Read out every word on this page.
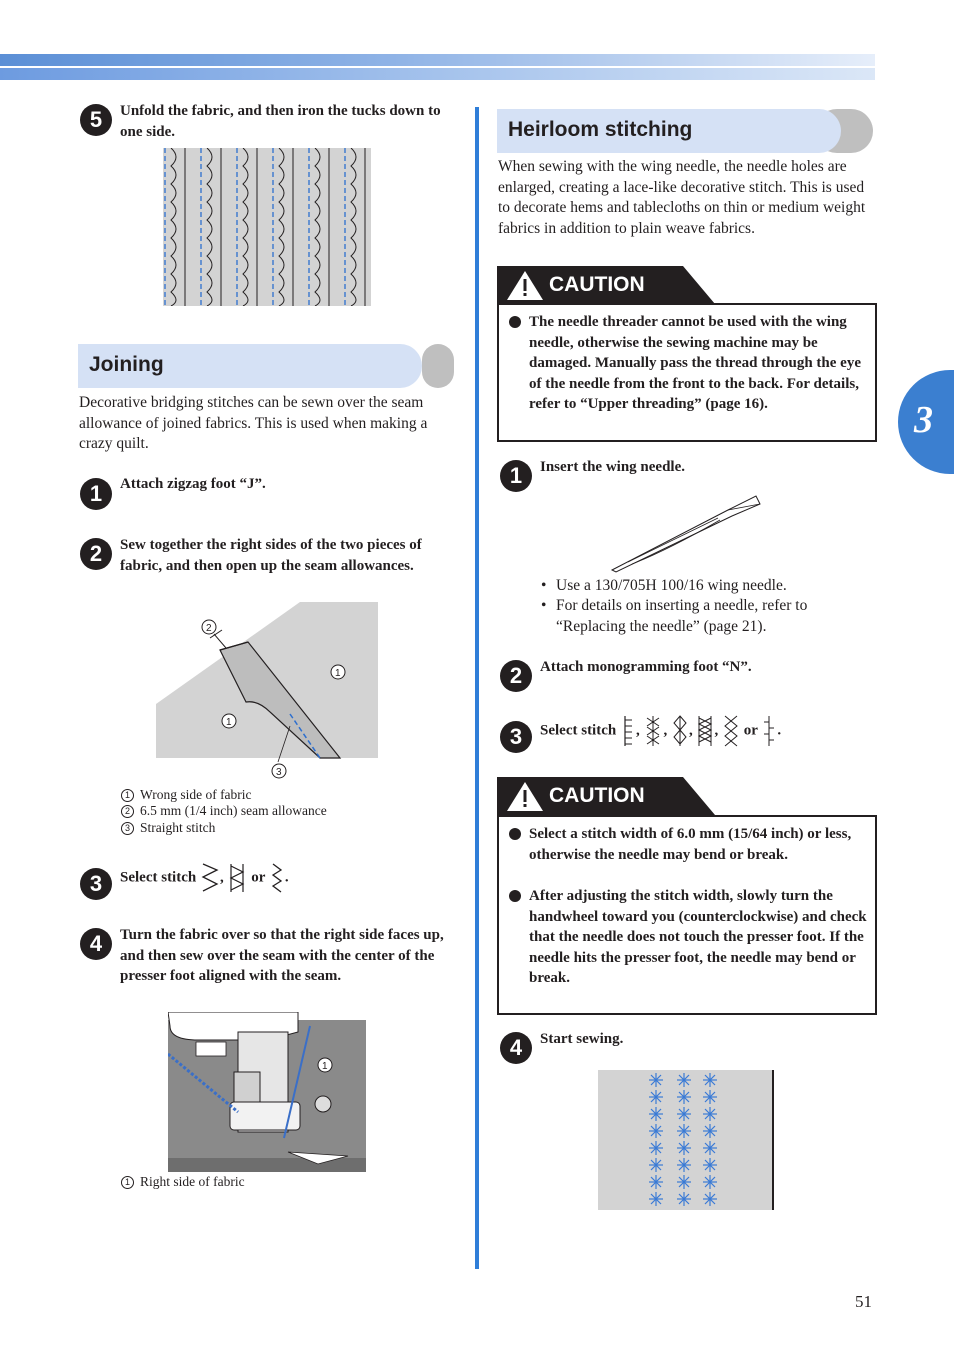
3
5	Unfold the fabric, and then iron the tucks down to one side.
Joining
Decorative bridging stitches can be sewn over the seam allowance of joined fabrics. This is used when making a crazy quilt.
1	Attach zigzag foot “J”.
2	Sew together the right sides of the two pieces of fabric, and then open up the seam allowances.
2
1
1
3
1 Wrong side of fabric
2 6.5 mm (1/4 inch) seam allowance
3 Straight stitch
3	Select stitch , or .
4	Turn the fabric over so that the right side faces up, and then sew over the seam with the center of the presser foot aligned with the seam.
1
1 Right side of fabric
Heirloom stitching
When sewing with the wing needle, the needle holes are enlarged, creating a lace-like decorative stitch. This is used to decorate hems and tablecloths on thin or medium weight fabrics in addition to plain weave fabrics.
CAUTION
The needle threader cannot be used with the wing needle, otherwise the sewing machine may be damaged. Manually pass the thread through the eye of the needle from the front to the back. For details, refer to “Upper threading” (page 16).
1	Insert the wing needle.
• Use a 130/705H 100/16 wing needle.
• For details on inserting a needle, refer to “Replacing the needle” (page 21).
2	Attach monogramming foot “N”.
3	Select stitch , , , , or .
CAUTION
Select a stitch width of 6.0 mm (15/64 inch) or less, otherwise the needle may bend or break.
After adjusting the stitch width, slowly turn the handwheel toward you (counterclockwise) and check that the needle does not touch the presser foot. If the needle hits the presser foot, the needle may bend or break.
4	Start sewing.
51
